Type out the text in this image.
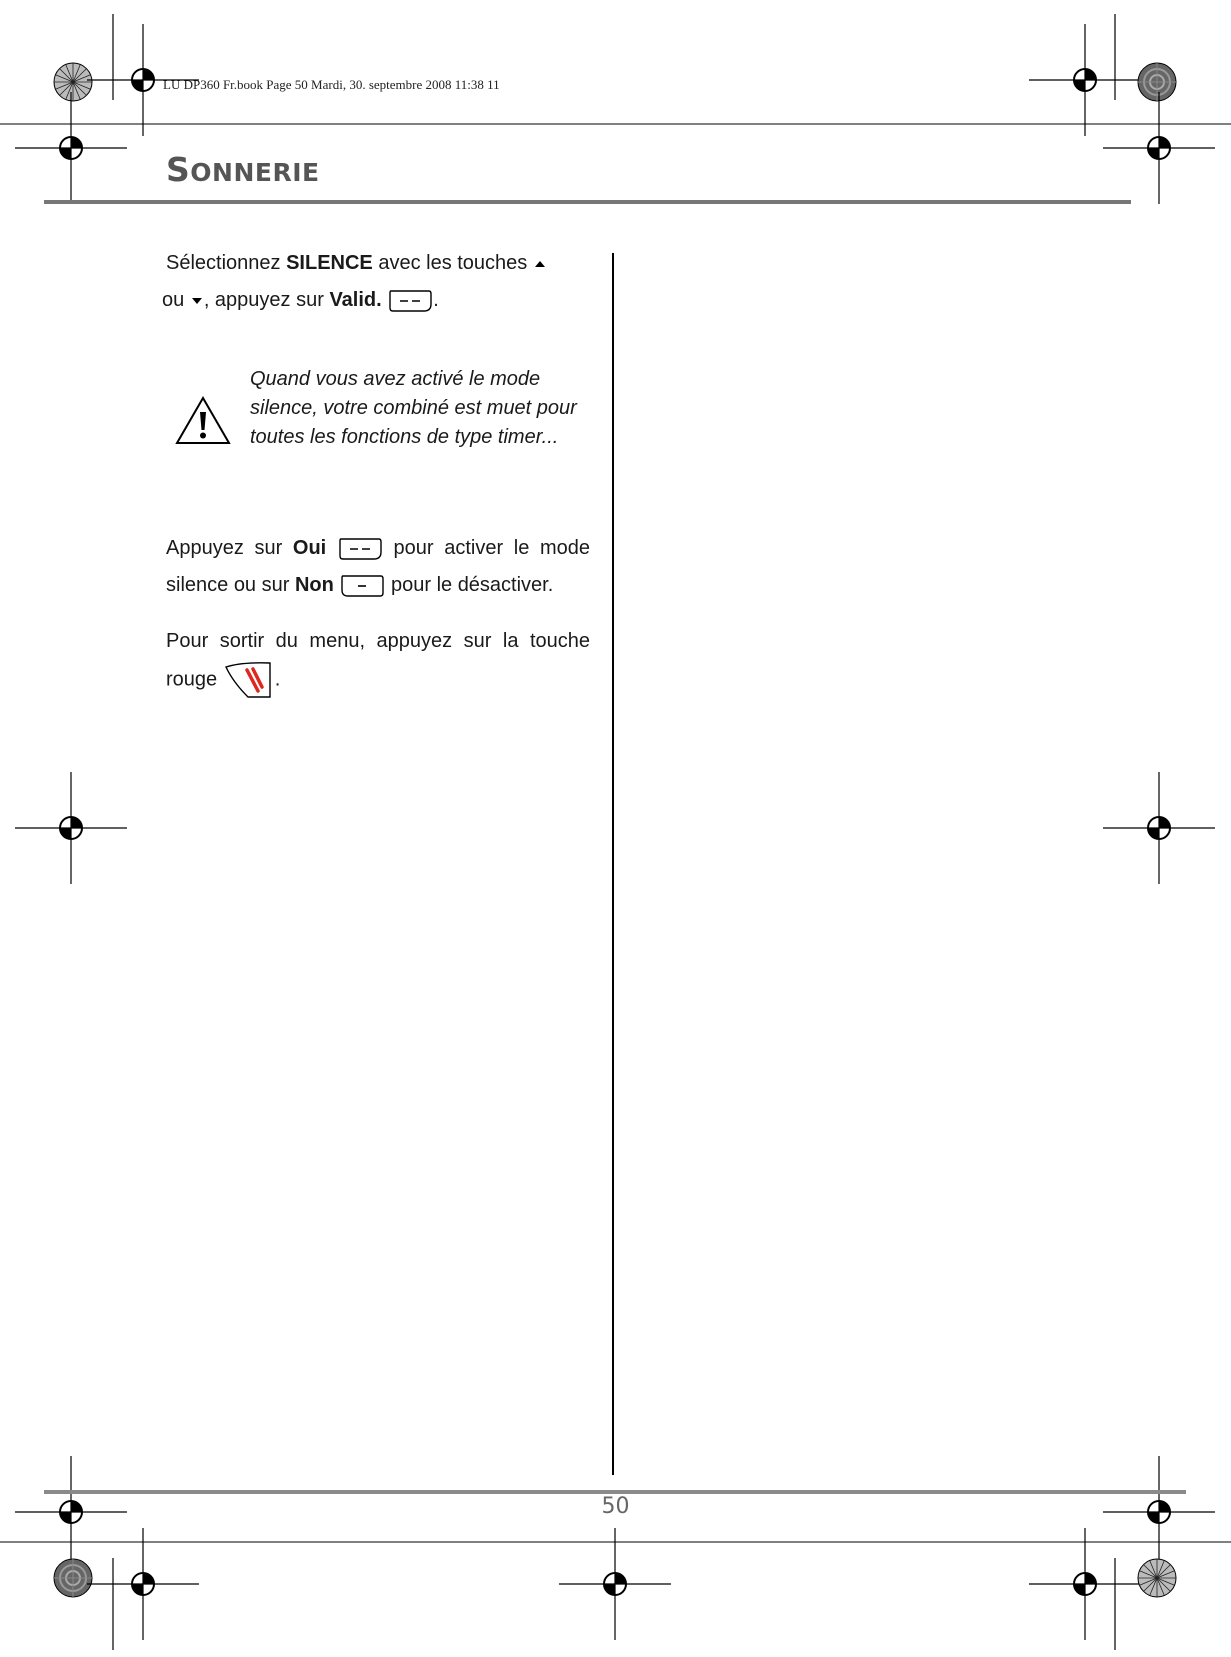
LU DP360 Fr.book Page 50 Mardi, 30. septembre 2008 11:38 11
SONNERIE
Sélectionnez SILENCE avec les touches
ou , appuyez sur Valid.	.
Quand vous avez activé le mode silence, votre combiné est muet pour toutes les fonctions de type timer...
Appuyez sur Oui	pour activer le mode silence ou sur Non	pour le désactiver.
Pour sortir du menu, appuyez sur la touche rouge	.
50
